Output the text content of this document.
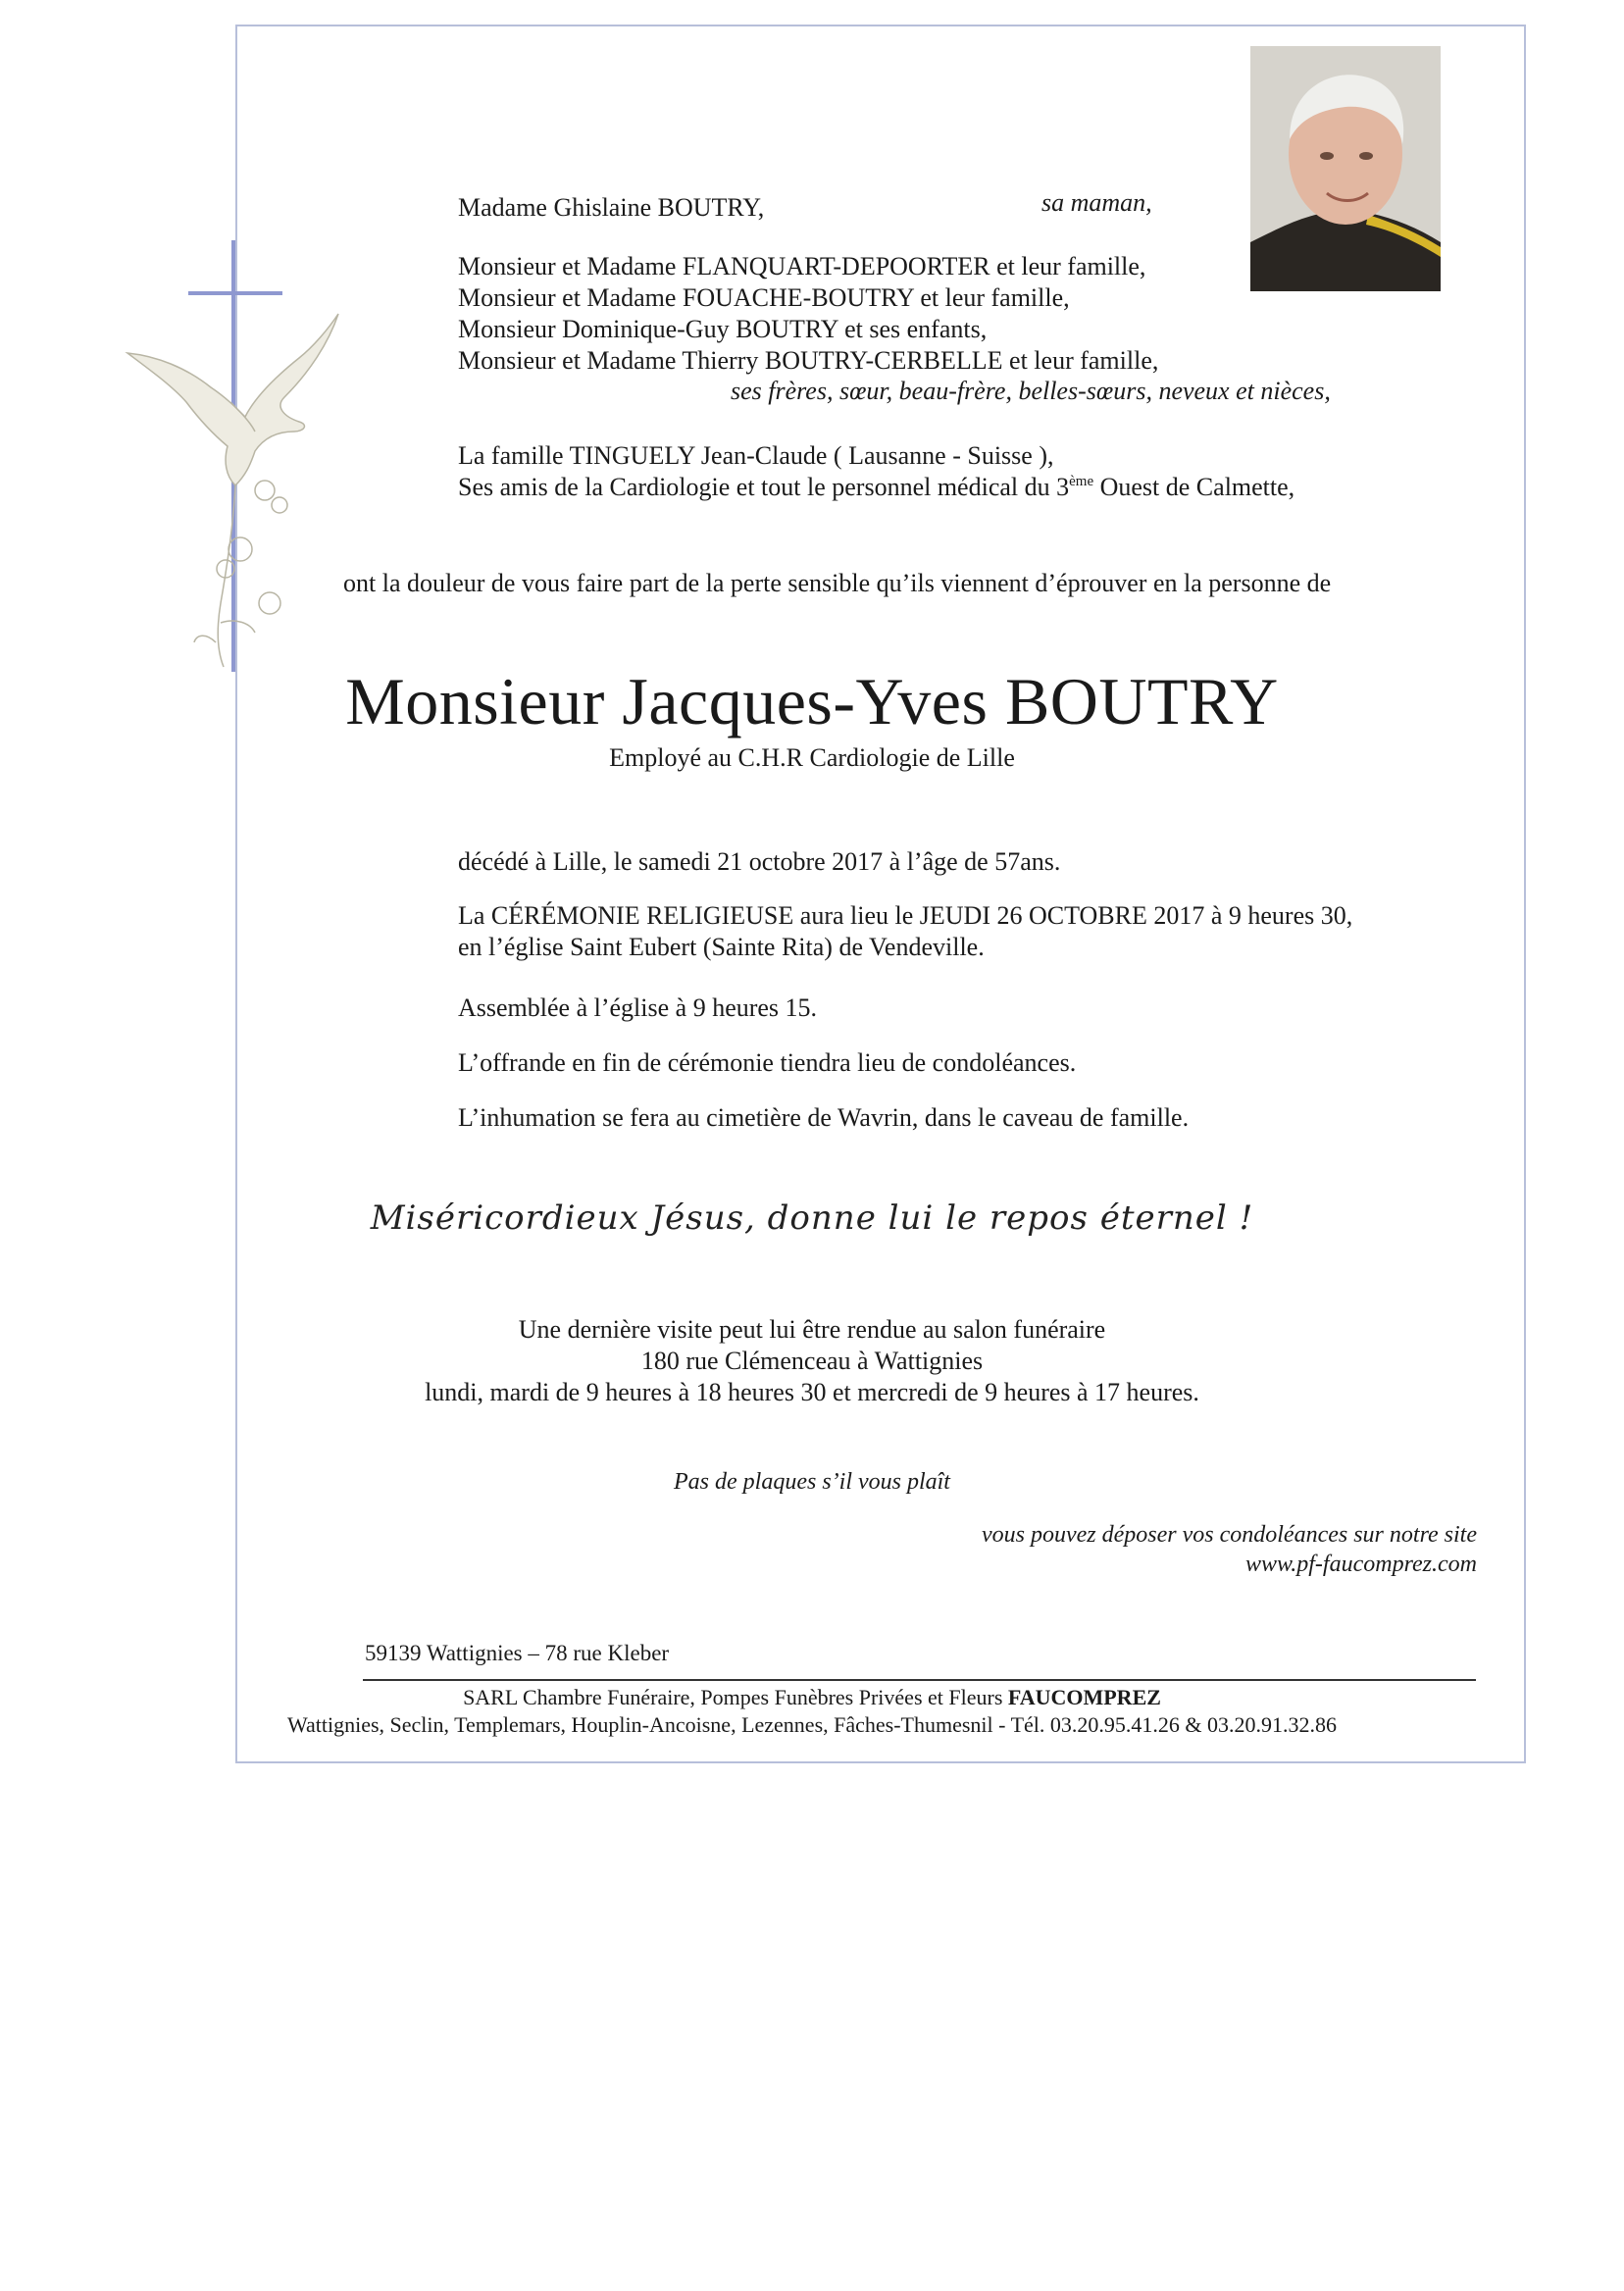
Madame Ghislaine BOUTRY,	sa maman,
Monsieur et Madame FLANQUART-DEPOORTER et leur famille,
Monsieur et Madame FOUACHE-BOUTRY et leur famille,
Monsieur Dominique-Guy BOUTRY et ses enfants,
Monsieur et Madame Thierry BOUTRY-CERBELLE et leur famille,
ses frères, sœur, beau-frère, belles-sœurs, neveux et nièces,
La famille TINGUELY Jean-Claude ( Lausanne - Suisse ),
Ses amis de la Cardiologie et tout le personnel médical du 3ème Ouest de Calmette,
ont la douleur de vous faire part de la perte sensible qu’ils viennent d’éprouver en la personne de
Monsieur Jacques-Yves BOUTRY
Employé au C.H.R Cardiologie de Lille
décédé à Lille, le samedi 21 octobre 2017 à l’âge de 57ans.
La CÉRÉMONIE RELIGIEUSE aura lieu le JEUDI 26 OCTOBRE 2017 à 9 heures 30,
en l’église Saint Eubert (Sainte Rita) de Vendeville.
Assemblée à l’église à 9 heures 15.
L’offrande en fin de cérémonie tiendra lieu de condoléances.
L’inhumation se fera au cimetière de Wavrin, dans le caveau de famille.
Miséricordieux Jésus, donne lui le repos éternel !
Une dernière visite peut lui être rendue au salon funéraire
180 rue Clémenceau à Wattignies
lundi, mardi de 9 heures à 18 heures 30 et mercredi de 9 heures à 17 heures.
Pas de plaques s’il vous plaît
vous pouvez déposer vos condoléances sur notre site
www.pf-faucomprez.com
59139 Wattignies – 78 rue Kleber
SARL Chambre Funéraire, Pompes Funèbres Privées et Fleurs FAUCOMPREZ
Wattignies, Seclin, Templemars, Houplin-Ancoisne, Lezennes, Fâches-Thumesnil - Tél. 03.20.95.41.26 & 03.20.91.32.86
